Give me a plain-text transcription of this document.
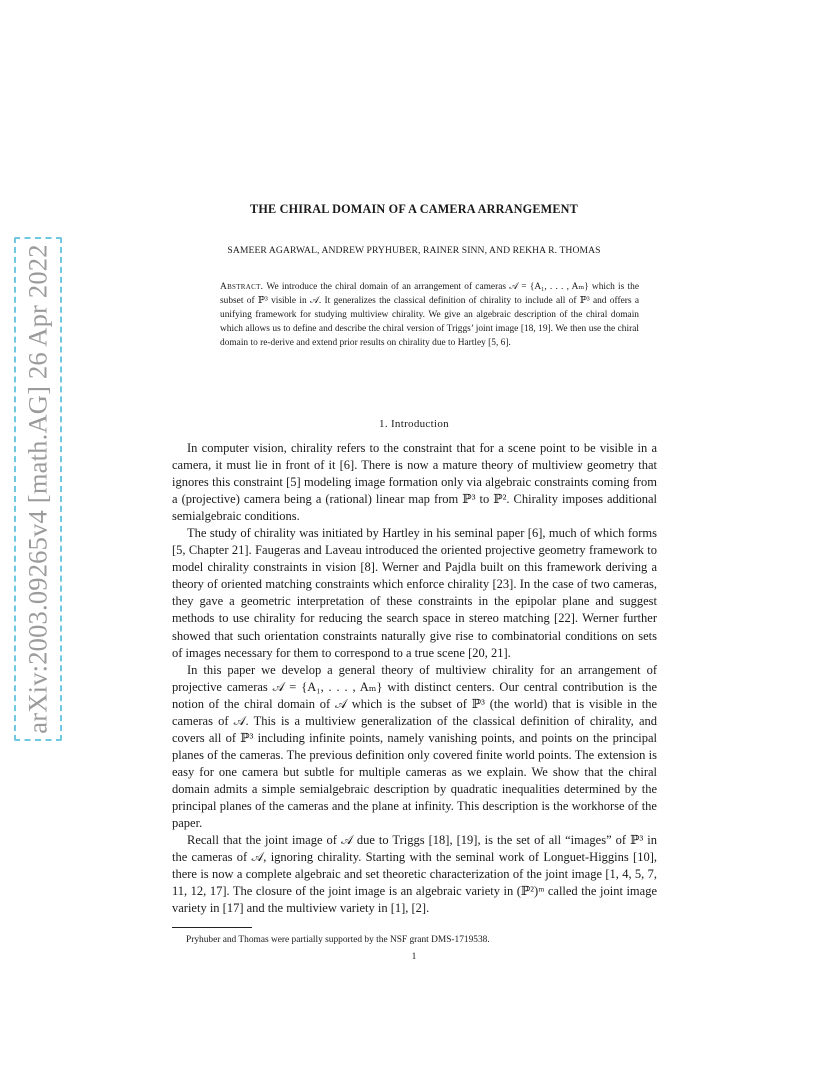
arXiv:2003.09265v4 [math.AG] 26 Apr 2022
THE CHIRAL DOMAIN OF A CAMERA ARRANGEMENT
SAMEER AGARWAL, ANDREW PRYHUBER, RAINER SINN, AND REKHA R. THOMAS
Abstract. We introduce the chiral domain of an arrangement of cameras 𝒜 = {A₁, . . . , Aₘ} which is the subset of ℙ³ visible in 𝒜. It generalizes the classical definition of chirality to include all of ℙ³ and offers a unifying framework for studying multiview chirality. We give an algebraic description of the chiral domain which allows us to define and describe the chiral version of Triggs’ joint image [18, 19]. We then use the chiral domain to re-derive and extend prior results on chirality due to Hartley [5, 6].
1. Introduction

In computer vision, chirality refers to the constraint that for a scene point to be visible in a camera, it must lie in front of it [6]. There is now a mature theory of multiview geometry that ignores this constraint [5] modeling image formation only via algebraic constraints coming from a (projective) camera being a (rational) linear map from ℙ³ to ℙ². Chirality imposes additional semialgebraic conditions.

The study of chirality was initiated by Hartley in his seminal paper [6], much of which forms [5, Chapter 21]. Faugeras and Laveau introduced the oriented projective geometry framework to model chirality constraints in vision [8]. Werner and Pajdla built on this framework deriving a theory of oriented matching constraints which enforce chirality [23]. In the case of two cameras, they gave a geometric interpretation of these constraints in the epipolar plane and suggest methods to use chirality for reducing the search space in stereo matching [22]. Werner further showed that such orientation constraints naturally give rise to combinatorial conditions on sets of images necessary for them to correspond to a true scene [20, 21].

In this paper we develop a general theory of multiview chirality for an arrangement of projective cameras 𝒜 = {A₁, . . . , Aₘ} with distinct centers. Our central contribution is the notion of the chiral domain of 𝒜 which is the subset of ℙ³ (the world) that is visible in the cameras of 𝒜. This is a multiview generalization of the classical definition of chirality, and covers all of ℙ³ including infinite points, namely vanishing points, and points on the principal planes of the cameras. The previous definition only covered finite world points. The extension is easy for one camera but subtle for multiple cameras as we explain. We show that the chiral domain admits a simple semialgebraic description by quadratic inequalities determined by the principal planes of the cameras and the plane at infinity. This description is the workhorse of the paper.

Recall that the joint image of 𝒜 due to Triggs [18], [19], is the set of all “images” of ℙ³ in the cameras of 𝒜, ignoring chirality. Starting with the seminal work of Longuet-Higgins [10], there is now a complete algebraic and set theoretic characterization of the joint image [1, 4, 5, 7, 11, 12, 17]. The closure of the joint image is an algebraic variety in (ℙ²)ᵐ called the joint image variety in [17] and the multiview variety in [1], [2].

Pryhuber and Thomas were partially supported by the NSF grant DMS-1719538.
1
